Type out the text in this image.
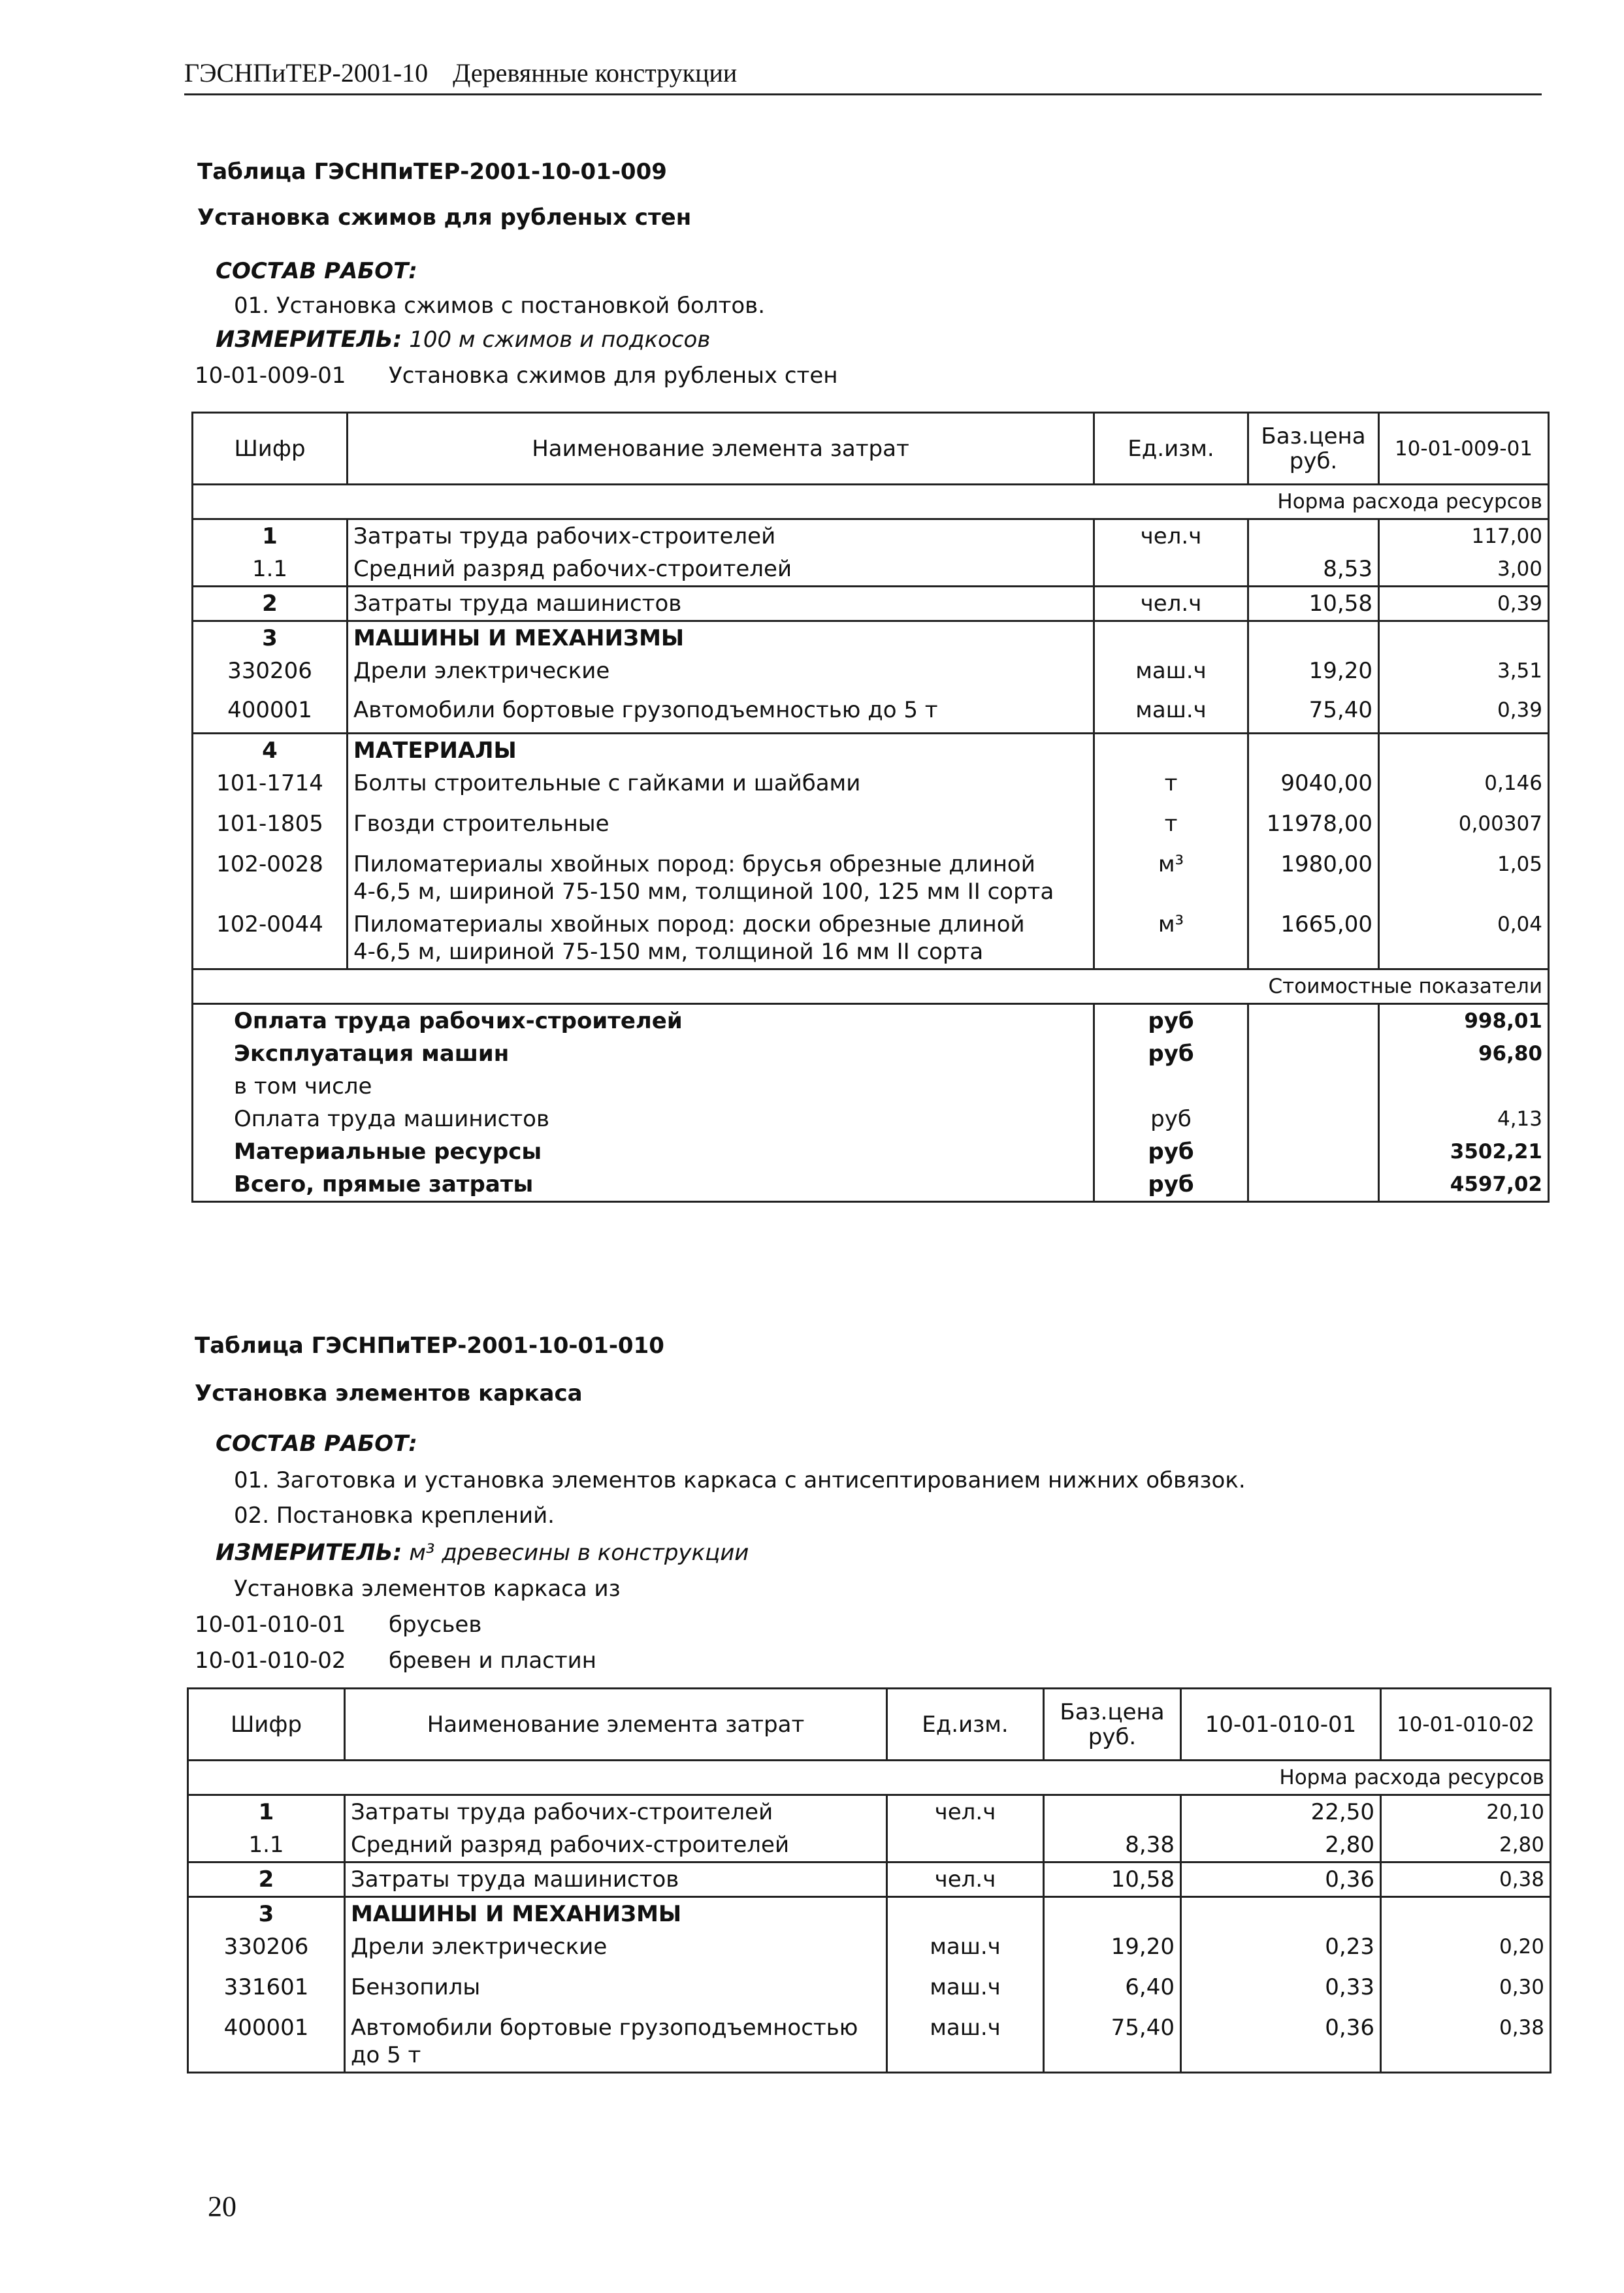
ГЭСНПиТЕР-2001-10 Деревянные конструкции
Таблица ГЭСНПиТЕР-2001-10-01-009
Установка сжимов для рубленых стен
СОСТАВ РАБОТ:
01. Установка сжимов с постановкой болтов.
ИЗМЕРИТЕЛЬ: 100 м сжимов и подкосов
10-01-009-01 Установка сжимов для рубленых стен
Шифр	Наименование элемента затрат	Ед.изм.	Баз.цена руб.	10-01-009-01
Норма расхода ресурсов				
1	Затраты труда рабочих-строителей	чел.ч		117,00
1.1	Средний разряд рабочих-строителей		8,53	3,00
2	Затраты труда машинистов	чел.ч	10,58	0,39
3	МАШИНЫ И МЕХАНИЗМЫ			
330206	Дрели электрические	маш.ч	19,20	3,51
400001	Автомобили бортовые грузоподъемностью до 5 т	маш.ч	75,40	0,39
4	МАТЕРИАЛЫ			
101-1714	Болты строительные с гайками и шайбами	т	9040,00	0,146
101-1805	Гвозди строительные	т	11978,00	0,00307
102-0028	Пиломатериалы хвойных пород: брусья обрезные длиной
4-6,5 м, шириной 75-150 мм, толщиной 100, 125 мм II сорта	м³	1980,00	1,05
102-0044	Пиломатериалы хвойных пород: доски обрезные длиной
4-6,5 м, шириной 75-150 мм, толщиной 16 мм II сорта	м³	1665,00	0,04
Стоимостные показатели				
Оплата труда рабочих-строителей		руб		998,01
Эксплуатация машин		руб		96,80
в том числе				
Оплата труда машинистов		руб		4,13
Материальные ресурсы		руб		3502,21
Всего, прямые затраты		руб		4597,02
Таблица ГЭСНПиТЕР-2001-10-01-010
Установка элементов каркаса
СОСТАВ РАБОТ:
01. Заготовка и установка элементов каркаса с антисептированием нижних обвязок.
02. Постановка креплений.
ИЗМЕРИТЕЛЬ: м³ древесины в конструкции
Установка элементов каркаса из
10-01-010-01 брусьев
10-01-010-02 бревен и пластин
Шифр	Наименование элемента затрат	Ед.изм.	Баз.цена руб.	10-01-010-01	10-01-010-02
Норма расхода ресурсов					
1	Затраты труда рабочих-строителей	чел.ч		22,50	20,10
1.1	Средний разряд рабочих-строителей		8,38	2,80	2,80
2	Затраты труда машинистов	чел.ч	10,58	0,36	0,38
3	МАШИНЫ И МЕХАНИЗМЫ				
330206	Дрели электрические	маш.ч	19,20	0,23	0,20
331601	Бензопилы	маш.ч	6,40	0,33	0,30
400001	Автомобили бортовые грузоподъемностью
до 5 т	маш.ч	75,40	0,36	0,38
20
